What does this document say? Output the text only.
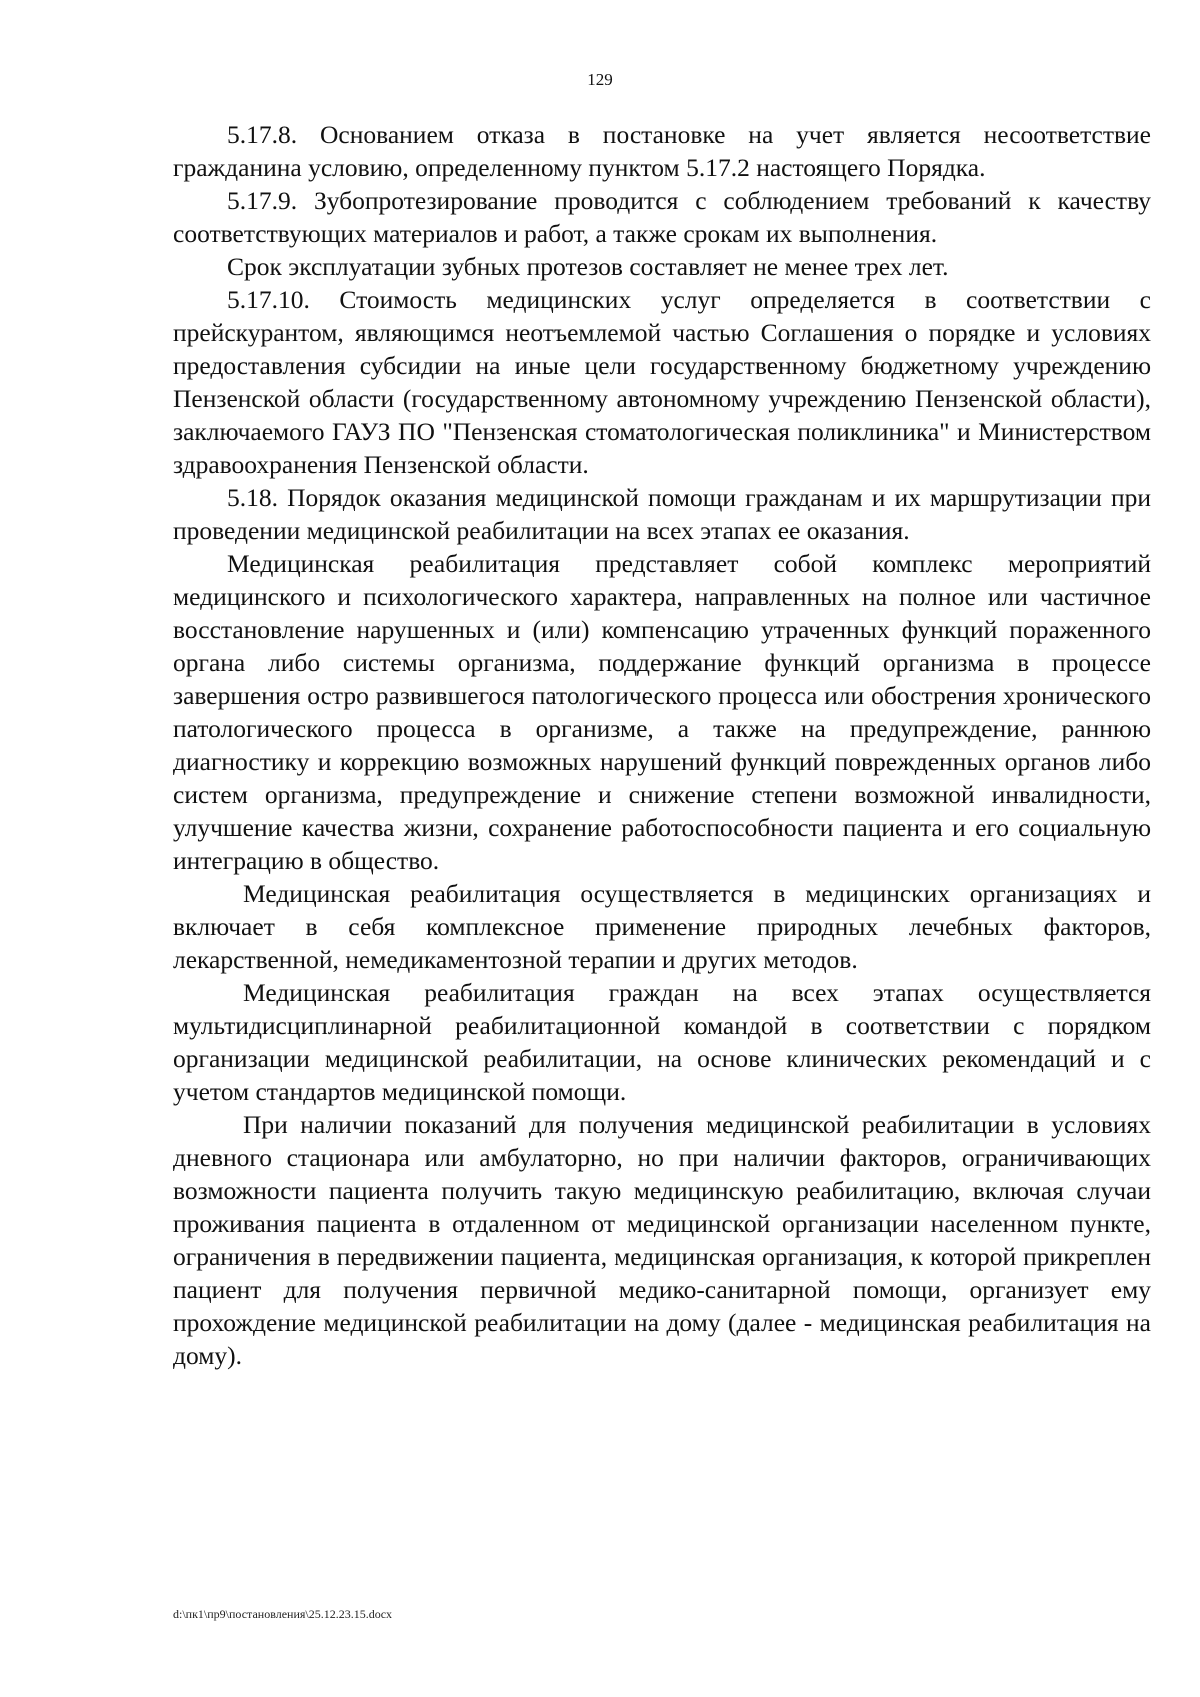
129

5.17.8. Основанием отказа в постановке на учет является несоответствие гражданина условию, определенному пунктом 5.17.2 настоящего Порядка.

5.17.9. Зубопротезирование проводится с соблюдением требований к качеству соответствующих материалов и работ, а также срокам их выполнения.

Срок эксплуатации зубных протезов составляет не менее трех лет.

5.17.10. Стоимость медицинских услуг определяется в соответствии с прейскурантом, являющимся неотъемлемой частью Соглашения о порядке и условиях предоставления субсидии на иные цели государственному бюджетному учреждению Пензенской области (государственному автономному учреждению Пензенской области), заключаемого ГАУЗ ПО "Пензенская стоматологическая поликлиника" и Министерством здравоохранения Пензенской области.

5.18. Порядок оказания медицинской помощи гражданам и их маршрутизации при проведении медицинской реабилитации на всех этапах ее оказания.

Медицинская реабилитация представляет собой комплекс мероприятий медицинского и психологического характера, направленных на полное или частичное восстановление нарушенных и (или) компенсацию утраченных функций пораженного органа либо системы организма, поддержание функций организма в процессе завершения остро развившегося патологического процесса или обострения хронического патологического процесса в организме, а также на предупреждение, раннюю диагностику и коррекцию возможных нарушений функций поврежденных органов либо систем организма, предупреждение и снижение степени возможной инвалидности, улучшение качества жизни, сохранение работоспособности пациента и его социальную интеграцию в общество.

Медицинская реабилитация осуществляется в медицинских организациях и включает в себя комплексное применение природных лечебных факторов, лекарственной, немедикаментозной терапии и других методов.

Медицинская реабилитация граждан на всех этапах осуществляется мультидисциплинарной реабилитационной командой в соответствии с порядком организации медицинской реабилитации, на основе клинических рекомендаций и с учетом стандартов медицинской помощи.

При наличии показаний для получения медицинской реабилитации в условиях дневного стационара или амбулаторно, но при наличии факторов, ограничивающих возможности пациента получить такую медицинскую реабилитацию, включая случаи проживания пациента в отдаленном от медицинской организации населенном пункте, ограничения в передвижении пациента, медицинская организация, к которой прикреплен пациент для получения первичной медико-санитарной помощи, организует ему прохождение медицинской реабилитации на дому (далее - медицинская реабилитация на дому).

d:\пк1\пр9\постановления\25.12.23.15.docx
